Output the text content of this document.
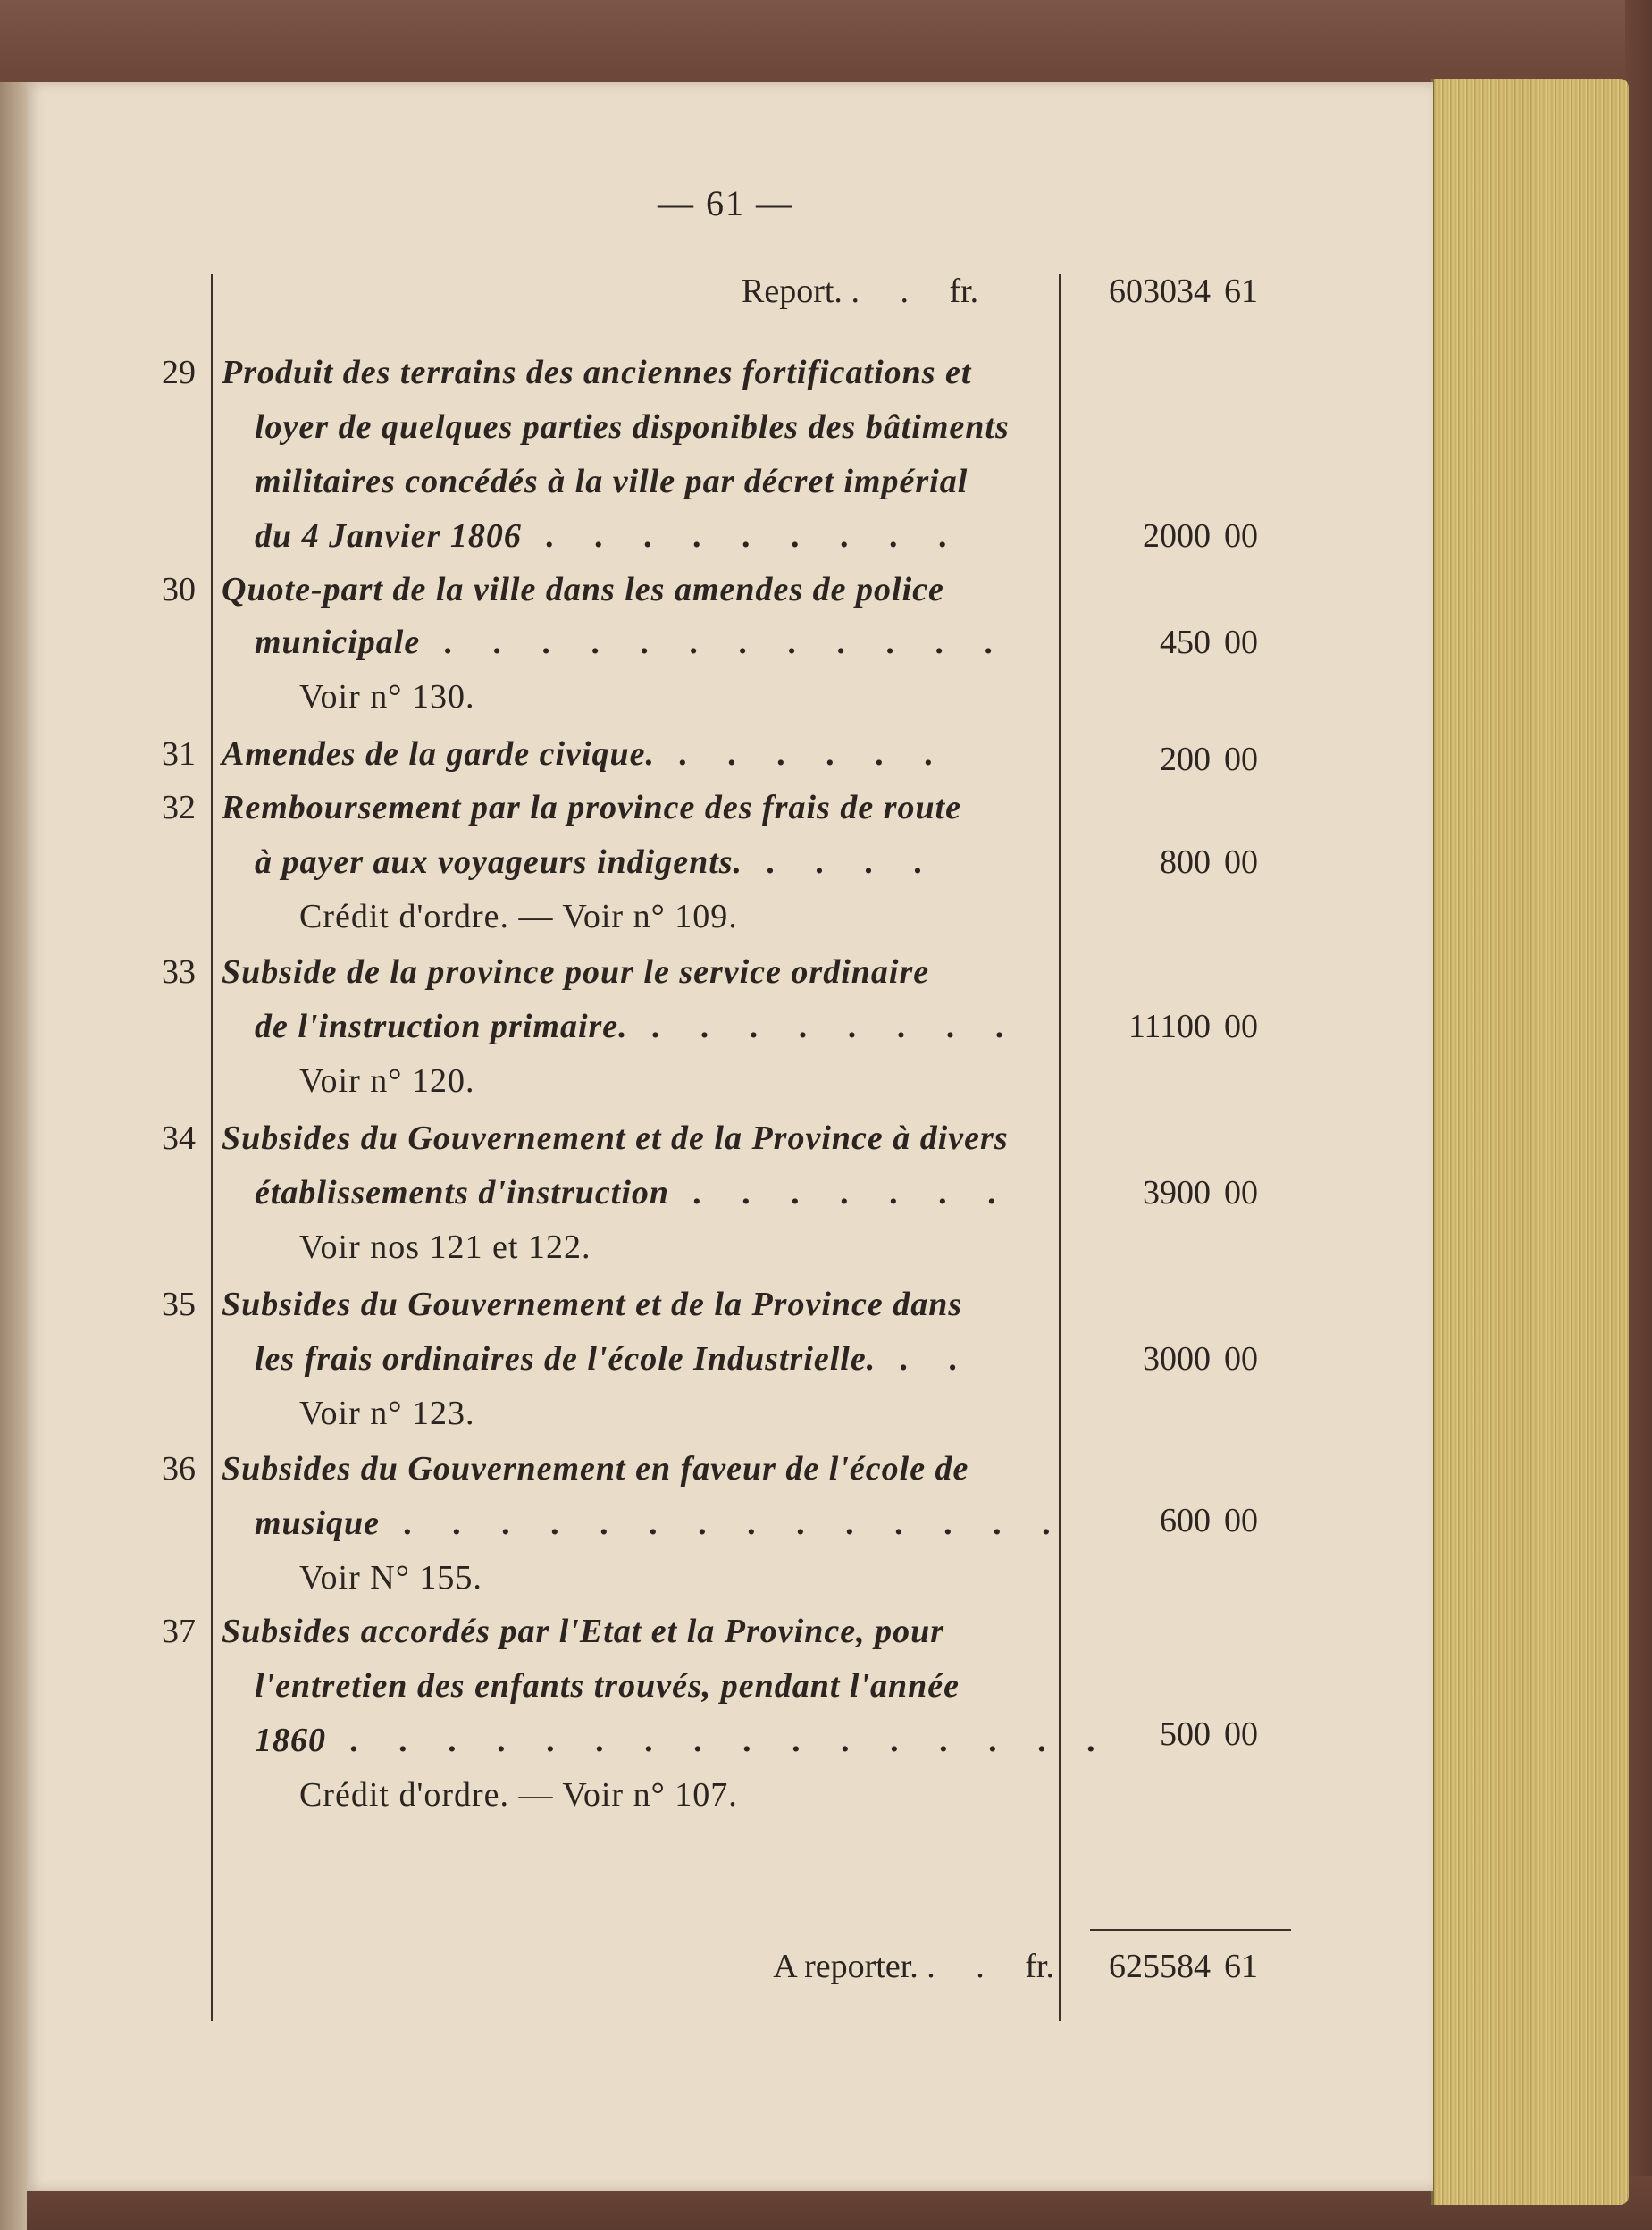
— 61 —
Report. . . fr.	603034 61
29 Produit des terrains des anciennes fortifications et
loyer de quelques parties disponibles des bâtiments
militaires concédés à la ville par décret impérial
du 4 Janvier 1806 . . . . . . . . .	2000 00
30 Quote-part de la ville dans les amendes de police
municipale . . . . . . . . . . . .	450 00
Voir n° 130.
31 Amendes de la garde civique. . . . . . .	200 00
32 Remboursement par la province des frais de route
à payer aux voyageurs indigents. . . . .	800 00
Crédit d'ordre. — Voir n° 109.
33 Subside de la province pour le service ordinaire
de l'instruction primaire. . . . . . . . .	11100 00
Voir n° 120.
34 Subsides du Gouvernement et de la Province à divers
établissements d'instruction . . . . . . .	3900 00
Voir nos 121 et 122.
35 Subsides du Gouvernement et de la Province dans
les frais ordinaires de l'école Industrielle. . .	3000 00
Voir n° 123.
36 Subsides du Gouvernement en faveur de l'école de
musique . . . . . . . . . . . . . .	600 00
Voir N° 155.
37 Subsides accordés par l'Etat et la Province, pour
l'entretien des enfants trouvés, pendant l'année
1860 . . . . . . . . . . . . . . . .	500 00
Crédit d'ordre. — Voir n° 107.
A reporter. . . fr.	625584 61
